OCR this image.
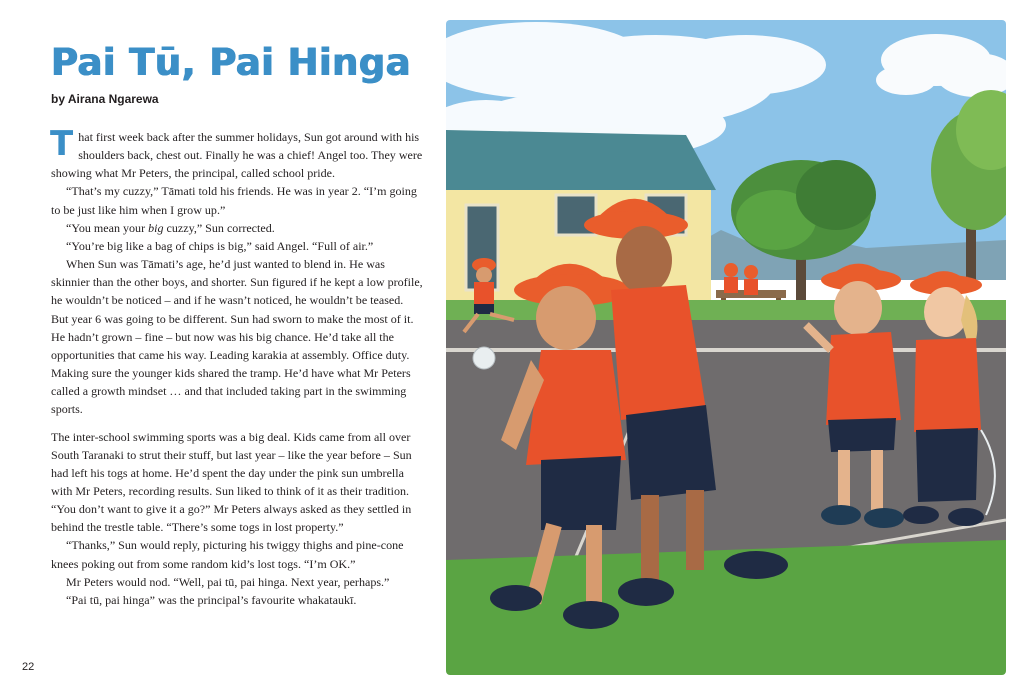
Pai Tū, Pai Hinga
by Airana Ngarewa

That first week back after the summer holidays, Sun got around with his shoulders back, chest out. Finally he was a chief! Angel too. They were showing what Mr Peters, the principal, called school pride.

“That’s my cuzzy,” Tāmati told his friends. He was in year 2. “I’m going to be just like him when I grow up.”

“You mean your big cuzzy,” Sun corrected.

“You’re big like a bag of chips is big,” said Angel. “Full of air.”

When Sun was Tāmati’s age, he’d just wanted to blend in. He was skinnier than the other boys, and shorter. Sun figured if he kept a low profile, he wouldn’t be noticed – and if he wasn’t noticed, he wouldn’t be teased. But year 6 was going to be different. Sun had sworn to make the most of it. He hadn’t grown – fine – but now was his big chance. He’d take all the opportunities that came his way. Leading karakia at assembly. Office duty. Making sure the younger kids shared the tramp. He’d have what Mr Peters called a growth mindset … and that included taking part in the swimming sports.

The inter-school swimming sports was a big deal. Kids came from all over South Taranaki to strut their stuff, but last year – like the year before – Sun had left his togs at home. He’d spent the day under the pink sun umbrella with Mr Peters, recording results. Sun liked to think of it as their tradition. “You don’t want to give it a go?” Mr Peters always asked as they settled in behind the trestle table. “There’s some togs in lost property.”

“Thanks,” Sun would reply, picturing his twiggy thighs and pine-cone knees poking out from some random kid’s lost togs. “I’m OK.”

Mr Peters would nod. “Well, pai tū, pai hinga. Next year, perhaps.”

“Pai tū, pai hinga” was the principal’s favourite whakataukī.

22
